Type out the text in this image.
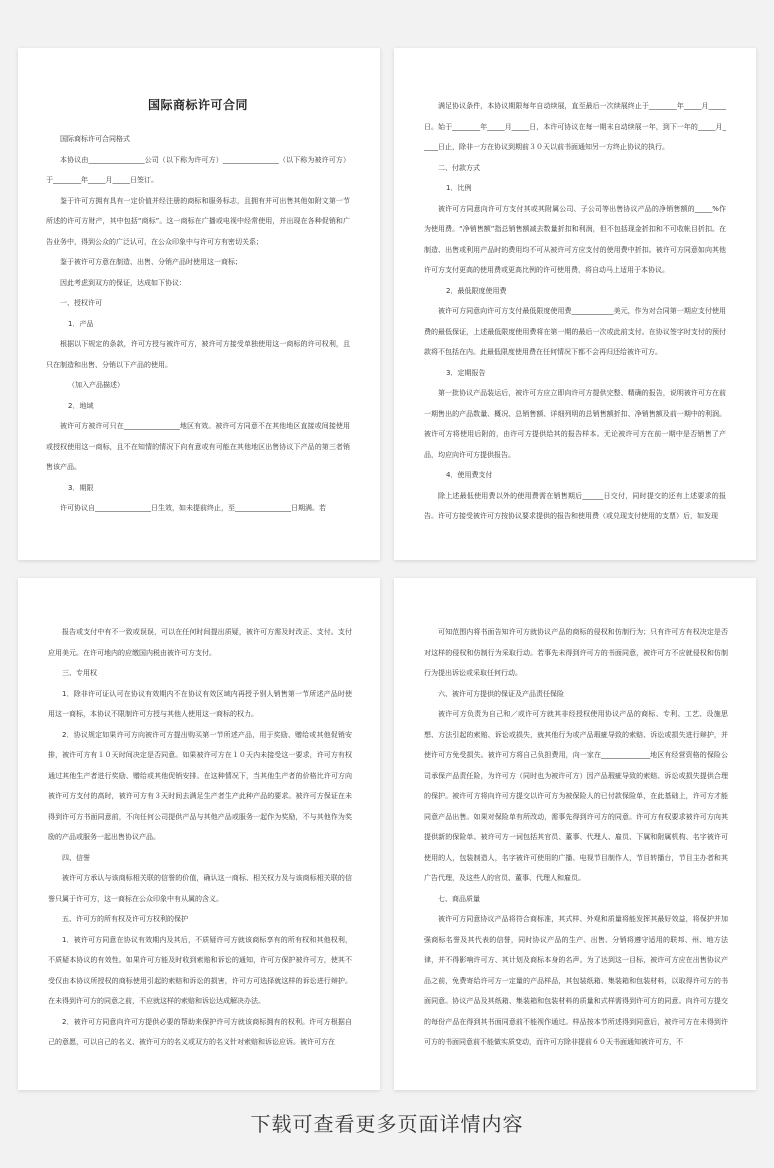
国际商标许可合同

国际商标许可合同格式

本协议由________________公司（以下称为许可方）________________（以下称为被许可方）于________年_____月_____日签订。

鉴于许可方拥有具有一定价值并经注册的商标和服务标志，且拥有并可出售其他如附文第一节所述的许可方财产，其中包括“商标”。这一商标在广播或电视中经常使用，并出现在各种促销和广告业务中，得到公众的广泛认可，在公众印象中与许可方有密切关系；

鉴于被许可方意在制造、出售、分销产品时使用这一商标；

因此考虑到双方的保证，达成如下协议：

一、授权许可

1．产品

根据以下规定的条款，许可方授与被许可方，被许可方接受单独使用这一商标的许可权利，且只在制造和出售、分销以下产品的使用。

（加入产品描述）

2．地域

被许可方被许可只在________________地区有效。被许可方同意不在其他地区直接或间接使用或授权使用这一商标，且不在知情的情况下向有意或有可能在其他地区出售协议下产品的第三者销售该产品。

3．期限

许可协议自________________日生效，如未提前终止，至________________日期满。若

满足协议条件，本协议期限每年自动续展，直至最后一次续展终止于________年_____月_____日。始于________年_____月_____日，本许可协议在每一期末自动续展一年，到下一年的_____月_____日止，除非一方在协议到期前３０天以前书面通知另一方终止协议的执行。

二、付款方式

1．比例

被许可方同意向许可方支付其或其附属公司、子公司等出售协议产品的净销售额的_____%作为使用费。“净销售额”指总销售额减去数量折扣和利润，但不包括现金折扣和不可收帐目折扣。在制造、出售或利用产品时的费用均不可从被许可方应支付的使用费中折扣。被许可方同意如向其他许可方支付更高的使用费或更高比例的许可使用费，将自动马上适用于本协议。

2．最低限度使用费

被许可方同意向许可方支付最低限度使用费____________美元，作为对合同第一期应支付使用费的最低保证，上述最低限度使用费将在第一期的最后一次或此前支付。在协议签字时支付的预付款将不包括在内。此最低限度使用费在任何情况下都不会再归还给被许可方。

3．定期报告

第一批协议产品装运后，被许可方应立即向许可方提供完整、精确的报告，说明被许可方在前一期售出的产品数量、概况、总销售额、详细列明的总销售额折扣、净销售额及前一期中的利润。被许可方将使用后附的，由许可方提供给其的报告样本。无论被许可方在前一期中是否销售了产品，均应向许可方提供报告。

4．使用费支付

除上述最低使用费以外的使用费需在销售期后______日交付，同时提交的还有上述要求的报告。许可方接受被许可方按协议要求提供的报告和使用费（或兑现支付使用的支票）后，如发现

报告或支付中有不一致或误误，可以在任何时间提出质疑，被许可方需及时改正、支付。支付应用美元。在许可地内的应缴国内税由被许可方支付。

三、专用权

1．除非许可证认可在协议有效期内不在协议有效区域内再授予别人销售第一节所述产品时使用这一商标，本协议不限制许可方授与其他人使用这一商标的权力。

2．协议规定如果许可方向被许可方提出购买第一节所述产品，用于奖励、赠给或其他促销安排，被许可方有１０天时间决定是否同意。如果被许可方在１０天内未接受这一要求，许可方有权通过其他生产者进行奖励、赠给或其他促销安排。在这种情况下，当其他生产者的价格比许可方向被许可方支付的高时，被许可方有３天时间去满足生产者生产此种产品的要求。被许可方保证在未得到许可方书面同意前，不向任何公司提供产品与其他产品或服务一起作为奖励，不与其他作为奖励的产品或服务一起出售协议产品。

四、信誉

被许可方承认与该商标相关联的信誉的价值，确认这一商标、相关权力及与该商标相关联的信誉只属于许可方，这一商标在公众印象中有从属的含义。

五、许可方的所有权及许可方权利的保护

1．被许可方同意在协议有效期内及其后，不质疑许可方就该商标享有的所有权和其他权利，不质疑本协议的有效性。如果许可方能及时收到索赔和诉讼的通知，许可方保护被许可方，使其不受仅由本协议所授权的商标使用引起的索赔和诉讼的损害，许可方可选择就这样的诉讼进行辩护。在未得到许可方的同意之前，不应就这样的索赔和诉讼达成解决办法。

2．被许可方同意向许可方提供必要的帮助来保护许可方就该商标拥有的权利。许可方根据自己的意愿，可以自己的名义、被许可方的名义或双方的名义针对索赔和诉讼应诉。被许可方在

可知范围内将书面告知许可方就协议产品的商标的侵权和仿制行为；只有许可方有权决定是否对这样的侵权和仿制行为采取行动。若事先未得到许可方的书面同意，被许可方不应就侵权和仿制行为提出诉讼或采取任何行动。

六、被许可方提供的保证及产品责任保险

被许可方负责为自己和／或许可方就其非经授权使用协议产品的商标、专利、工艺、设施思想、方法引起的索赔、诉讼或损失，就其他行为或产品瑕疵导致的索赔、诉讼或损失进行辩护，并使许可方免受损失。被许可方将自己负担费用，向一家在______________地区有经营资格的保险公司承保产品责任险，为许可方（同时也为被许可方）因产品瑕疵导致的索赔、诉讼或损失提供合理的保护。被许可方将向许可方提交以许可方为被保险人的已付款保险单，在此基础上，许可方才能同意产品出售。如果对保险单有所改动，需事先得到许可方的同意。许可方有权要求被许可方向其提供新的保险单。被许可方一词包括其官员、董事、代理人、雇员、下属和附属机构、名字被许可使用的人，包装制造人，名字被许可使用的广播、电视节目制作人，节目转播台，节目主办者和其广告代理，及这些人的官员、董事、代理人和雇员。

七、商品质量

被许可方同意协议产品将符合商标准，其式样、外观和质量将能发挥其最好效益，将保护并加强商标名誉及其代表的信誉，同时协议产品的生产、出售、分销将遵守适用的联邦、州、地方法律，并不得影响许可方、其计划及商标本身的名声。为了达到这一目标，被许可方应在出售协议产品之前，免费寄给许可方一定量的产品样品，其包装纸箱、集装箱和包装材料，以取得许可方的书面同意。协议产品及其纸箱、集装箱和包装材料的质量和式样需得到许可方的同意。向许可方提交的每份产品在得到其书面同意前不能视作通过。样品按本节所述得到同意后，被许可方在未得到许可方的书面同意前不能做实质变动，而许可方除非提前６０天书面通知被许可方，不

下载可查看更多页面详情内容
